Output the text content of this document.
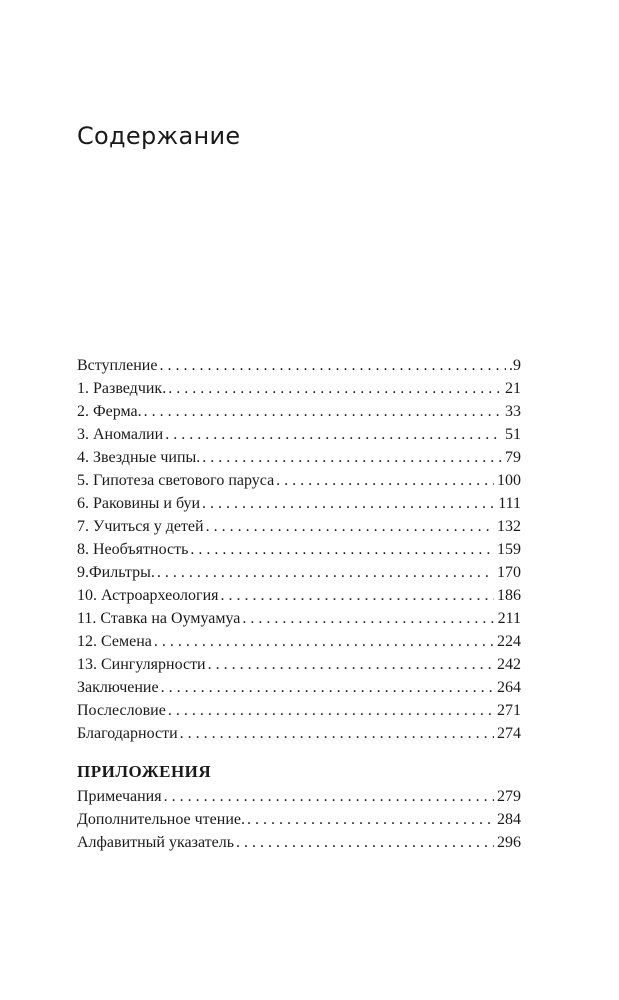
Содержание
Вступление . . .	.9
1. Разведчик. . . .	21
2. Ферма. . . .	33
3. Аномалии . . .	51
4. Звездные чипы. . . .	79
5. Гипотеза светового паруса . . .	100
6. Раковины и буи . . .	111
7. Учиться у детей . . .	132
8. Необъятность . . .	159
9.Фильтры. . . .	170
10. Астроархеология . . .	186
11. Ставка на Оумуамуа . . .	211
12. Семена . . .	224
13. Сингулярности . . .	242
Заключение . . .	264
Послесловие . . .	271
Благодарности . . .	274
ПРИЛОЖЕНИЯ
Примечания . . .	279
Дополнительное чтение. . . .	284
Алфавитный указатель . . .	296
